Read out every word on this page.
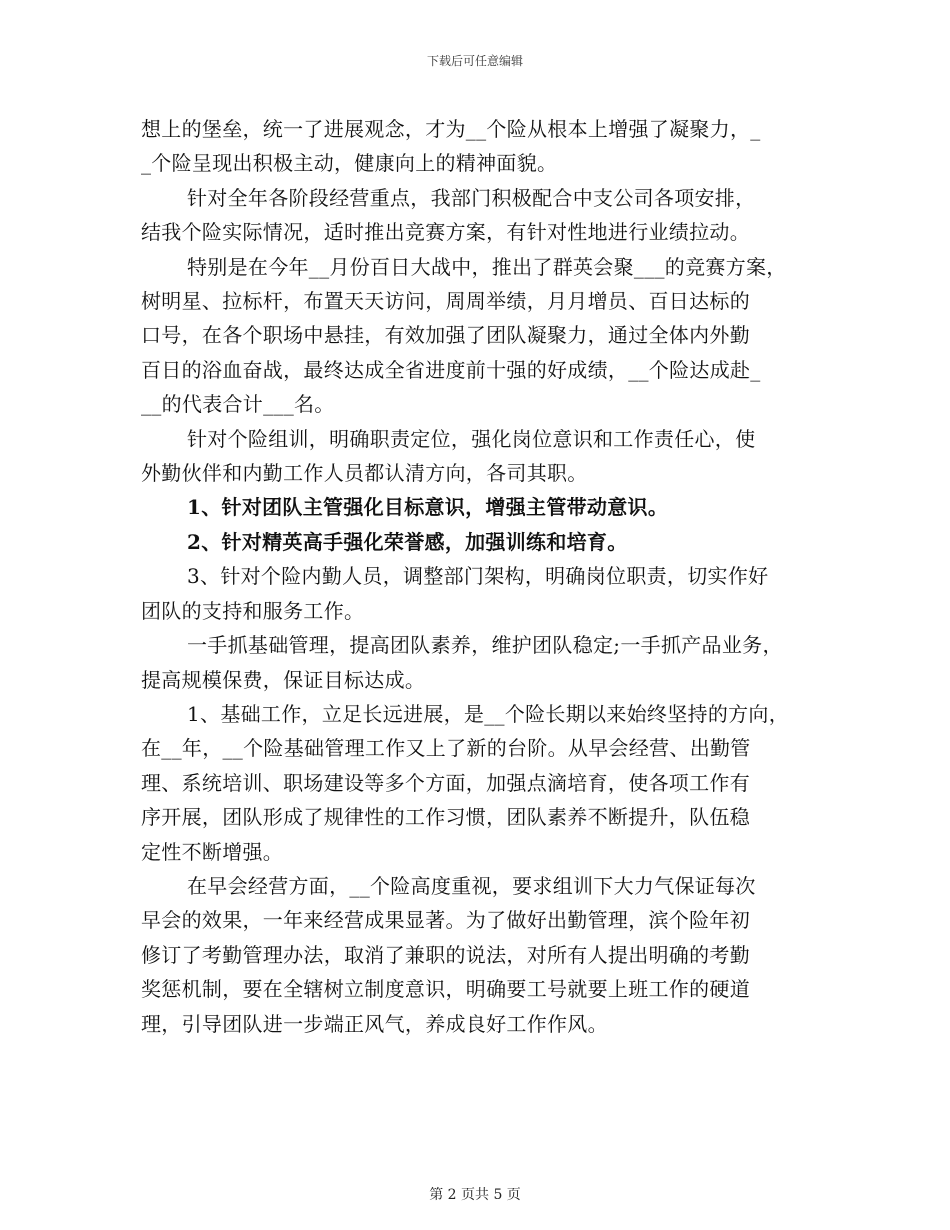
下载后可任意编辑

想上的堡垒，统一了进展观念，才为__个险从根本上增强了凝聚力，_
_个险呈现出积极主动，健康向上的精神面貌。

针对全年各阶段经营重点，我部门积极配合中支公司各项安排，
结我个险实际情况，适时推出竞赛方案，有针对性地进行业绩拉动。

特别是在今年__月份百日大战中，推出了群英会聚___的竞赛方案，
树明星、拉标杆，布置天天访问，周周举绩，月月增员、百日达标的
口号，在各个职场中悬挂，有效加强了团队凝聚力，通过全体内外勤
百日的浴血奋战，最终达成全省进度前十强的好成绩，__个险达成赴_
__的代表合计___名。

针对个险组训，明确职责定位，强化岗位意识和工作责任心，使
外勤伙伴和内勤工作人员都认清方向，各司其职。

1、针对团队主管强化目标意识，增强主管带动意识。

2、针对精英高手强化荣誉感，加强训练和培育。

3、针对个险内勤人员，调整部门架构，明确岗位职责，切实作好
团队的支持和服务工作。

一手抓基础管理，提高团队素养，维护团队稳定;一手抓产品业务，
提高规模保费，保证目标达成。

1、基础工作，立足长远进展，是__个险长期以来始终坚持的方向，
在__年，__个险基础管理工作又上了新的台阶。从早会经营、出勤管
理、系统培训、职场建设等多个方面，加强点滴培育，使各项工作有
序开展，团队形成了规律性的工作习惯，团队素养不断提升，队伍稳
定性不断增强。

在早会经营方面，__个险高度重视，要求组训下大力气保证每次
早会的效果，一年来经营成果显著。为了做好出勤管理，滨个险年初
修订了考勤管理办法，取消了兼职的说法，对所有人提出明确的考勤
奖惩机制，要在全辖树立制度意识，明确要工号就要上班工作的硬道
理，引导团队进一步端正风气，养成良好工作作风。

第 2 页共 5 页
